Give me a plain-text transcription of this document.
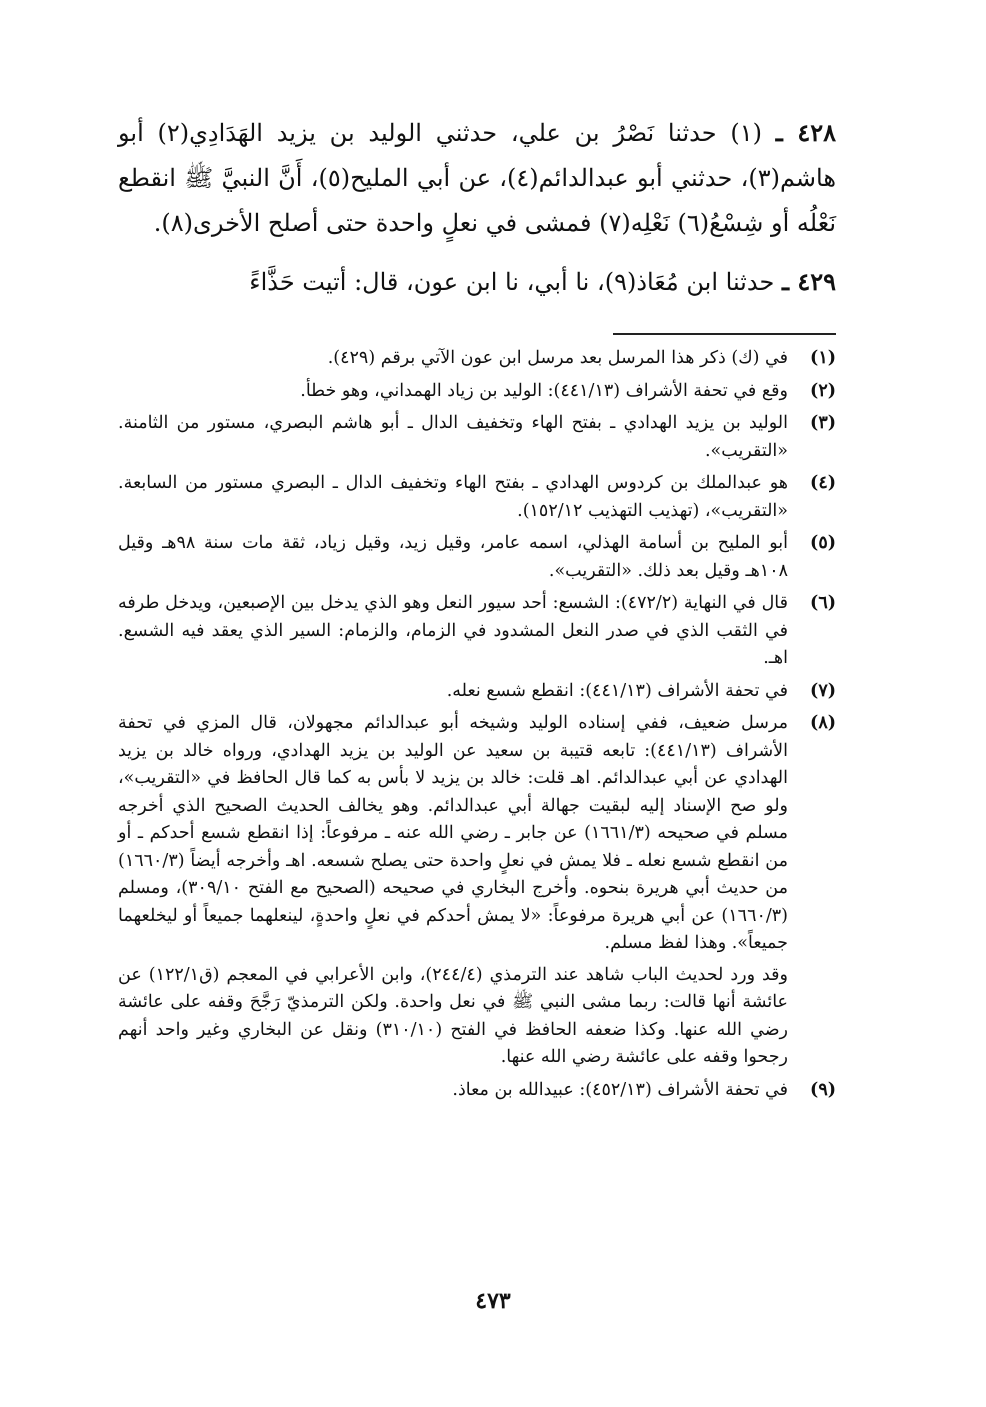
٤٢٨ ـ (١) حدثنا نَصْرُ بن علي، حدثني الوليد بن يزيد الهَدَادِي(٢) أبو هاشم(٣)، حدثني أبو عبدالدائم(٤)، عن أبي المليح(٥)، أَنَّ النبيَّ ﷺ انقطع نَعْلُه أو شِسْعُ(٦) نَعْلِه(٧) فمشى في نعلٍ واحدة حتى أصلح الأخرى(٨).

٤٢٩ ـ حدثنا ابن مُعَاذ(٩)، نا أبي، نا ابن عون، قال: أتيت حَذَّاءً

(١)
في (ك) ذكر هذا المرسل بعد مرسل ابن عون الآتي برقم (٤٢٩).
(٢)
وقع في تحفة الأشراف (٤٤١/١٣): الوليد بن زياد الهمداني، وهو خطأ.
(٣)
الوليد بن يزيد الهدادي ـ بفتح الهاء وتخفيف الدال ـ أبو هاشم البصري، مستور من الثامنة. «التقريب».
(٤)
هو عبدالملك بن كردوس الهدادي ـ بفتح الهاء وتخفيف الدال ـ البصري مستور من السابعة. «التقريب»، (تهذيب التهذيب ١٥٢/١٢).
(٥)
أبو المليح بن أسامة الهذلي، اسمه عامر، وقيل زيد، وقيل زياد، ثقة مات سنة ٩٨هـ وقيل ١٠٨هـ وقيل بعد ذلك. «التقريب».
(٦)
قال في النهاية (٤٧٢/٢): الشسع: أحد سيور النعل وهو الذي يدخل بين الإصبعين، ويدخل طرفه في الثقب الذي في صدر النعل المشدود في الزمام، والزمام: السير الذي يعقد فيه الشسع. اهـ.
(٧)
في تحفة الأشراف (٤٤١/١٣): انقطع شسع نعله.
(٨)
مرسل ضعيف، ففي إسناده الوليد وشيخه أبو عبدالدائم مجهولان، قال المزي في تحفة الأشراف (٤٤١/١٣): تابعه قتيبة بن سعيد عن الوليد بن يزيد الهدادي، ورواه خالد بن يزيد الهدادي عن أبي عبدالدائم. اهـ قلت: خالد بن يزيد لا بأس به كما قال الحافظ في «التقريب»، ولو صح الإسناد إليه لبقيت جهالة أبي عبدالدائم. وهو يخالف الحديث الصحيح الذي أخرجه مسلم في صحيحه (١٦٦١/٣) عن جابر ـ رضي الله عنه ـ مرفوعاً: إذا انقطع شسع أحدكم ـ أو من انقطع شسع نعله ـ فلا يمش في نعلٍ واحدة حتى يصلح شسعه. اهـ وأخرجه أيضاً (١٦٦٠/٣) من حديث أبي هريرة بنحوه. وأخرج البخاري في صحيحه (الصحيح مع الفتح ٣٠٩/١٠)، ومسلم (١٦٦٠/٣) عن أبي هريرة مرفوعاً: «لا يمش أحدكم في نعلٍ واحدةٍ، لينعلهما جميعاً أو ليخلعهما جميعاً». وهذا لفظ مسلم.
وقد ورد لحديث الباب شاهد عند الترمذي (٢٤٤/٤)، وابن الأعرابي في المعجم (ق١٢٢/١) عن عائشة أنها قالت: ربما مشى النبي ﷺ في نعل واحدة. ولكن الترمذيّ رَجَّحَ وقفه على عائشة رضي الله عنها. وكذا ضعفه الحافظ في الفتح (٣١٠/١٠) ونقل عن البخاري وغير واحد أنهم رجحوا وقفه على عائشة رضي الله عنها.
(٩)
في تحفة الأشراف (٤٥٢/١٣): عبيدالله بن معاذ.
٤٧٣
